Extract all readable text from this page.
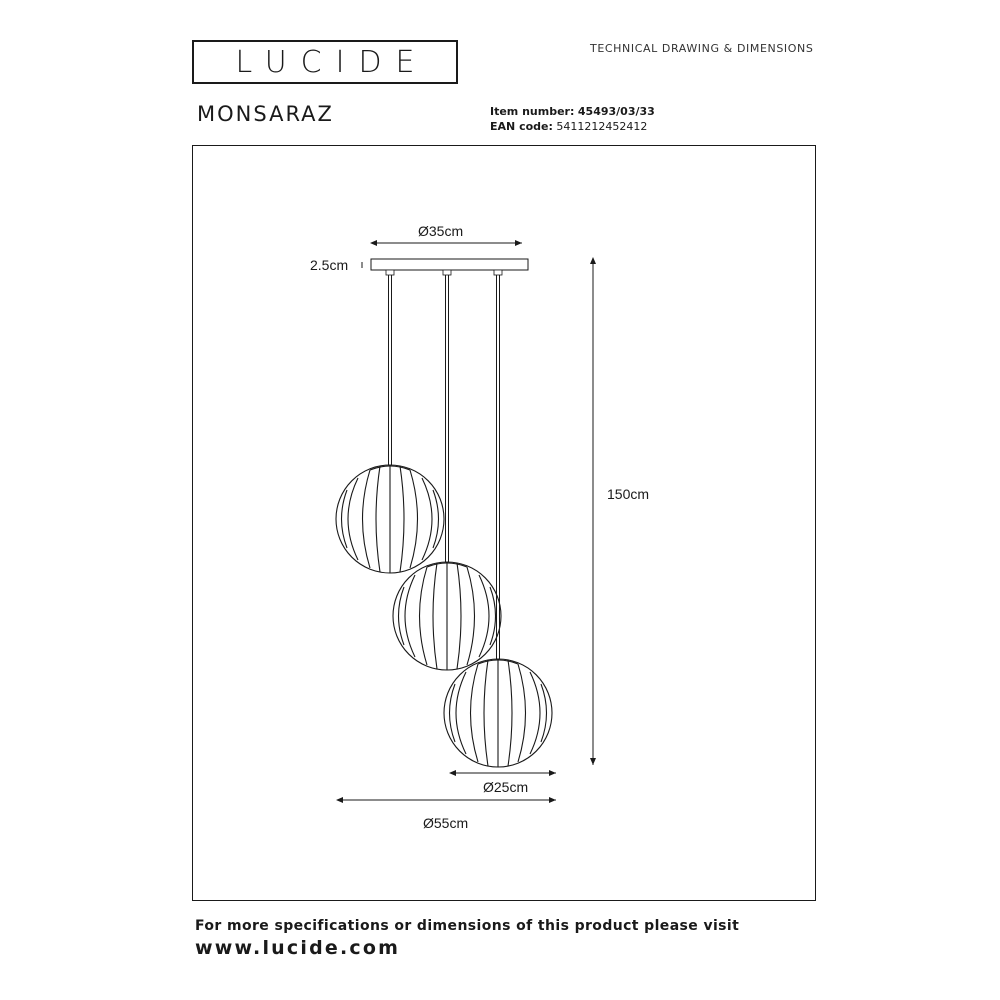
LUCIDE	TECHNICAL DRAWING & DIMENSIONS
MONSARAZ	Item number: 45493/03/33
EAN code: 5411212452412
Ø35cm
2.5cm
150cm
Ø25cm
Ø55cm
For more specifications or dimensions of this product please visit
www.lucide.com
